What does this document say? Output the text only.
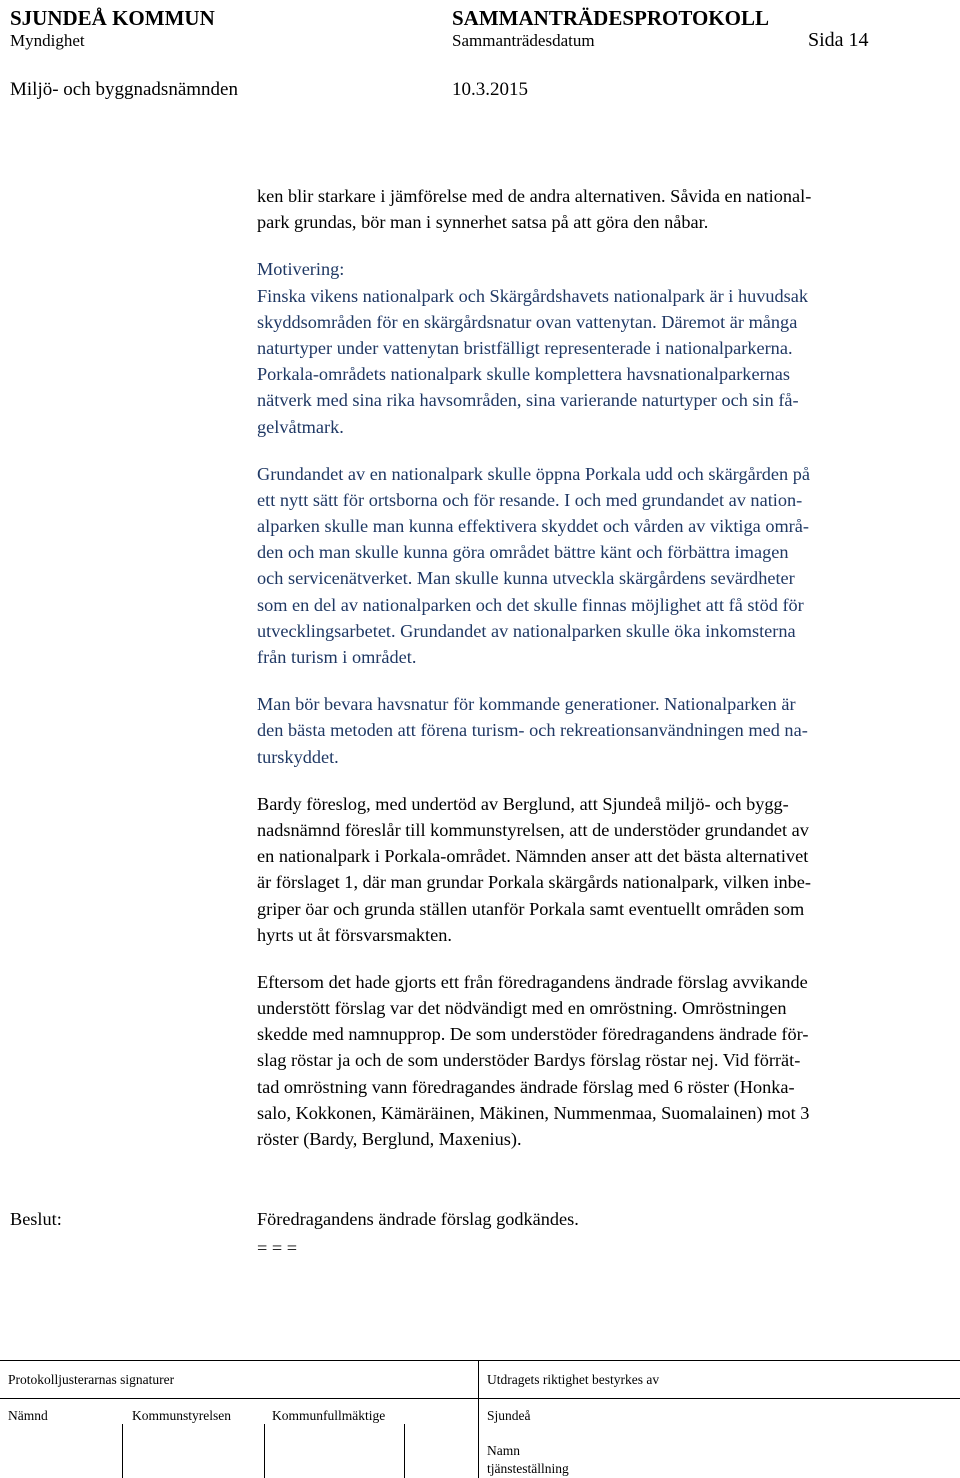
SJUNDEÅ KOMMUN	SAMMANTRÄDESPROTOKOLL
Myndighet	Sammanträdesdatum	Sida 14
Miljö- och byggnadsnämnden	10.3.2015
ken blir starkare i jämförelse med de andra alternativen. Såvida en national-
park grundas, bör man i synnerhet satsa på att göra den nåbar.
Motivering:
Finska vikens nationalpark och Skärgårdshavets nationalpark är i huvudsak
skyddsområden för en skärgårdsnatur ovan vattenytan. Däremot är många
naturtyper under vattenytan bristfälligt representerade i nationalparkerna.
Porkala-områdets nationalpark skulle komplettera havsnationalparkernas
nätverk med sina rika havsområden, sina varierande naturtyper och sin få-
gelvåtmark.
Grundandet av en nationalpark skulle öppna Porkala udd och skärgården på
ett nytt sätt för ortsborna och för resande. I och med grundandet av nation-
alparken skulle man kunna effektivera skyddet och vården av viktiga områ-
den och man skulle kunna göra området bättre känt och förbättra imagen
och servicenätverket. Man skulle kunna utveckla skärgårdens sevärdheter
som en del av nationalparken och det skulle finnas möjlighet att få stöd för
utvecklingsarbetet. Grundandet av nationalparken skulle öka inkomsterna
från turism i området.
Man bör bevara havsnatur för kommande generationer. Nationalparken är
den bästa metoden att förena turism- och rekreationsanvändningen med na-
turskyddet.
Bardy föreslog, med undertöd av Berglund, att Sjundeå miljö- och bygg-
nadsnämnd föreslår till kommunstyrelsen, att de understöder grundandet av
en nationalpark i Porkala-området. Nämnden anser att det bästa alternativet
är förslaget 1, där man grundar Porkala skärgårds nationalpark, vilken inbe-
griper öar och grunda ställen utanför Porkala samt eventuellt områden som
hyrts ut åt försvarsmakten.
Eftersom det hade gjorts ett från föredragandens ändrade förslag avvikande
understött förslag var det nödvändigt med en omröstning. Omröstningen
skedde med namnupprop. De som understöder föredragandens ändrade för-
slag röstar ja och de som understöder Bardys förslag röstar nej. Vid förrät-
tad omröstning vann föredragandes ändrade förslag med 6 röster (Honka-
salo, Kokkonen, Kämäräinen, Mäkinen, Nummenmaa, Suomalainen) mot 3
röster (Bardy, Berglund, Maxenius).
Beslut:	Föredragandens ändrade förslag godkändes.
= = =
Protokolljusterarnas signaturer	Utdragets riktighet bestyrkes av
Nämnd	Kommunstyrelsen	Kommunfullmäktige	Sjundeå
Namn
tjänsteställning
